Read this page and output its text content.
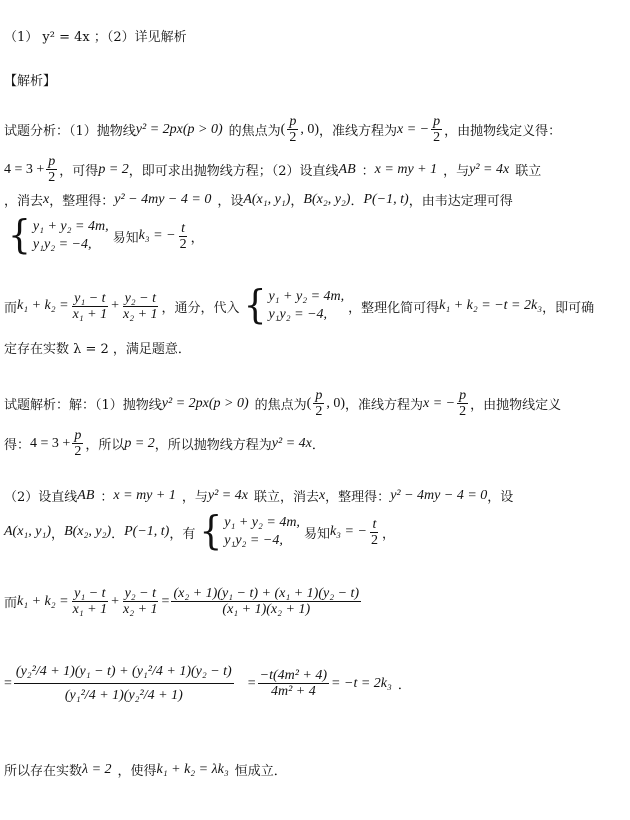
（1） y² = 4x ；（2）详见解析
【解析】
试题分析：（1）抛物线 y² = 2px(p > 0) 的焦点为 ( $\frac{p}{2}$ , 0) ，准线方程为 x = − $\frac{p}{2}$ ，由抛物线定义得：
$4 = 3 + \frac{p}{2}$ ，可得 p = 2 ，即可求出抛物线方程；（2）设直线 AB ： x = my + 1 ，与 y² = 4x 联立
，消去 x ，整理得： y² − 4my − 4 = 0 ，设 A(x₁, y₁) ， B(x₂, y₂) ． P(−1, t) ，由韦达定理可得
{ y₁ + y₂ = 4m,
y₁y₂ = −4,	易知 k₃ = − $\frac{t}{2}$ ，
而 $k_1 + k_2 = \frac{\text{y₁ − t}}{\text{x₁ + 1}} + \frac{\text{y₂ − t}}{\text{x₂ + 1}}$ ，通分，代入 { y₁ + y₂ = 4m,
y₁y₂ = −4,	，整理化简可得 k₁ + k₂ = −t = 2k₃ ，即可确
定存在实数 λ = 2 ，满足题意．
试题解析：解：（1）抛物线 y² = 2px(p > 0) 的焦点为 ( $\frac{p}{2}$ , 0) ，准线方程为 x = − $\frac{p}{2}$ ，由抛物线定义
得： $4 = 3 + \frac{p}{2}$ ，所以 p = 2 ，所以抛物线方程为 y² = 4x ．
（2）设直线 AB ： x = my + 1 ，与 y² = 4x 联立，消去 x ，整理得： y² − 4my − 4 = 0 ，设
A(x₁, y₁) ， B(x₂, y₂) ． P(−1, t) ，有 { y₁ + y₂ = 4m,
y₁y₂ = −4,	易知 k₃ = − $\frac{t}{2}$ ，
而 $k_1 + k_2 = \frac{\text{y₁ − t}}{\text{x₁ + 1}} + \frac{\text{y₂ − t}}{\text{x₂ + 1}} = \frac{\text{(x₂ + 1)(y₁ − t) + (x₁ + 1)(y₂ − t)}}{\text{(x₁ + 1)(x₂ + 1)}}$
= $\frac{\text{(y₂²/4 + 1)(y₁ − t) + (y₁²/4 + 1)(y₂ − t)}}{\text{(y₁²/4 + 1)(y₂²/4 + 1)}} = \frac{\text{−t(4m² + 4)}}{\text{4m² + 4}} = -t = 2k_3$ ．
所以存在实数 λ = 2 ，使得 k₁ + k₂ = λk₃ 恒成立．
